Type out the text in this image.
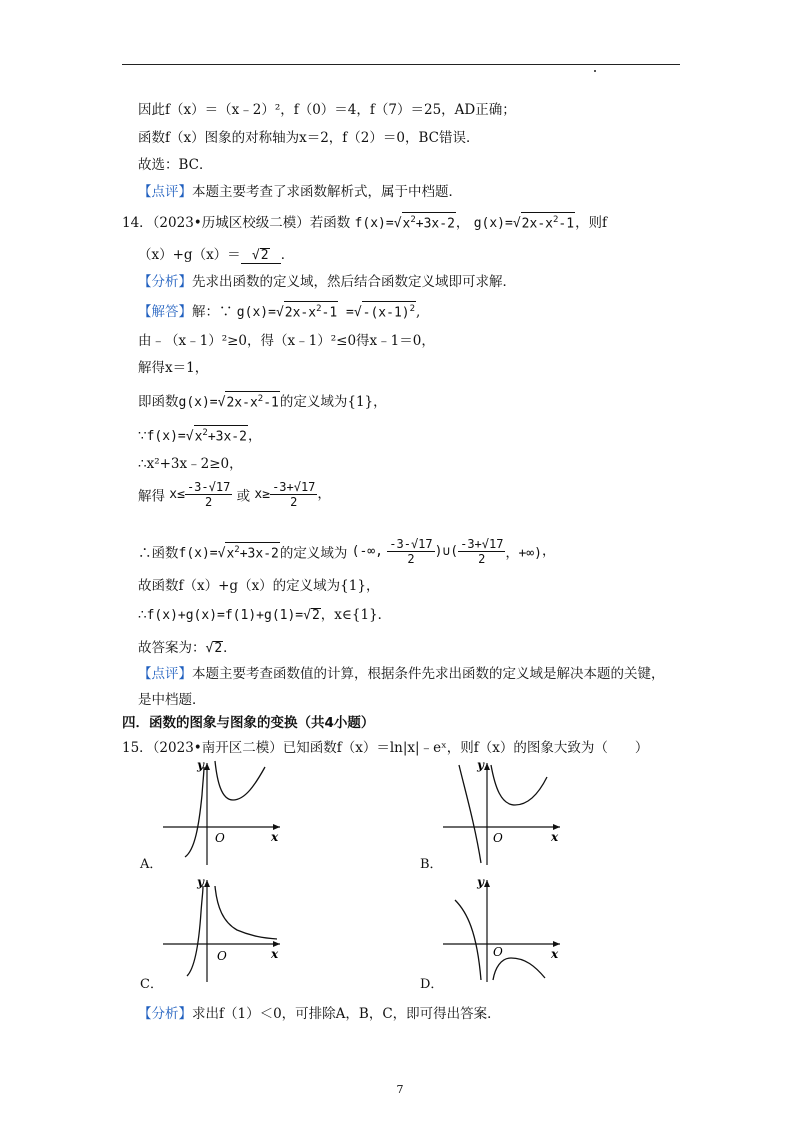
因此f（x）＝（x﹣2）²，f（0）＝4，f（7）＝25，AD正确；
函数f（x）图象的对称轴为x＝2，f（2）＝0，BC错误．
故选：BC．
【点评】本题主要考查了求函数解析式，属于中档题．
14．（2023•历城区校级二模）若函数 $f(x)=√x^2+3x-2$， $g(x)=√2x-x^2-1$，则f
（x）+g（x）＝ √2 ．
【分析】先求出函数的定义域，然后结合函数定义域即可求解．
【解答】解：∵ $g(x)=√2x-x^2-1 =√-(x-1)^2$,
由﹣（x﹣1）²≥0，得（x﹣1）²≤0得x﹣1＝0，
解得x＝1，
即函数$g(x)=√2x-x^2-1$的定义域为{1}，
$\because f(x)=√x^2+3x-2$，
∴x²+3x﹣2≥0，
解得 $x\le \frac{-3-√17}{2}$ 或 $x\ge \frac{-3+√17}{2}$ ，
∴函数$f(x)=√x^2+3x-2$的定义域为 (-∞, $\frac{-3-√17}{2}$ )∪( $\frac{-3+√17}{2}$ ，+∞)，
故函数f（x）+g（x）的定义域为{1}，
∴f(x)+g(x)=f(1)+g(1)=√2，x∈{1}．
故答案为：√2．
【点评】本题主要考查函数值的计算，根据条件先求出函数的定义域是解决本题的关键，
是中档题．
四．函数的图象与图象的变换（共4小题）
15．（2023•南开区二模）已知函数f（x）＝ln|x|﹣eˣ，则f（x）的图象大致为（　　）
y
x
O
A．
y
x
O
B．
y
x
O
C．
y
x
O
D．
【分析】求出f（1）＜0，可排除A，B，C，即可得出答案．
7
